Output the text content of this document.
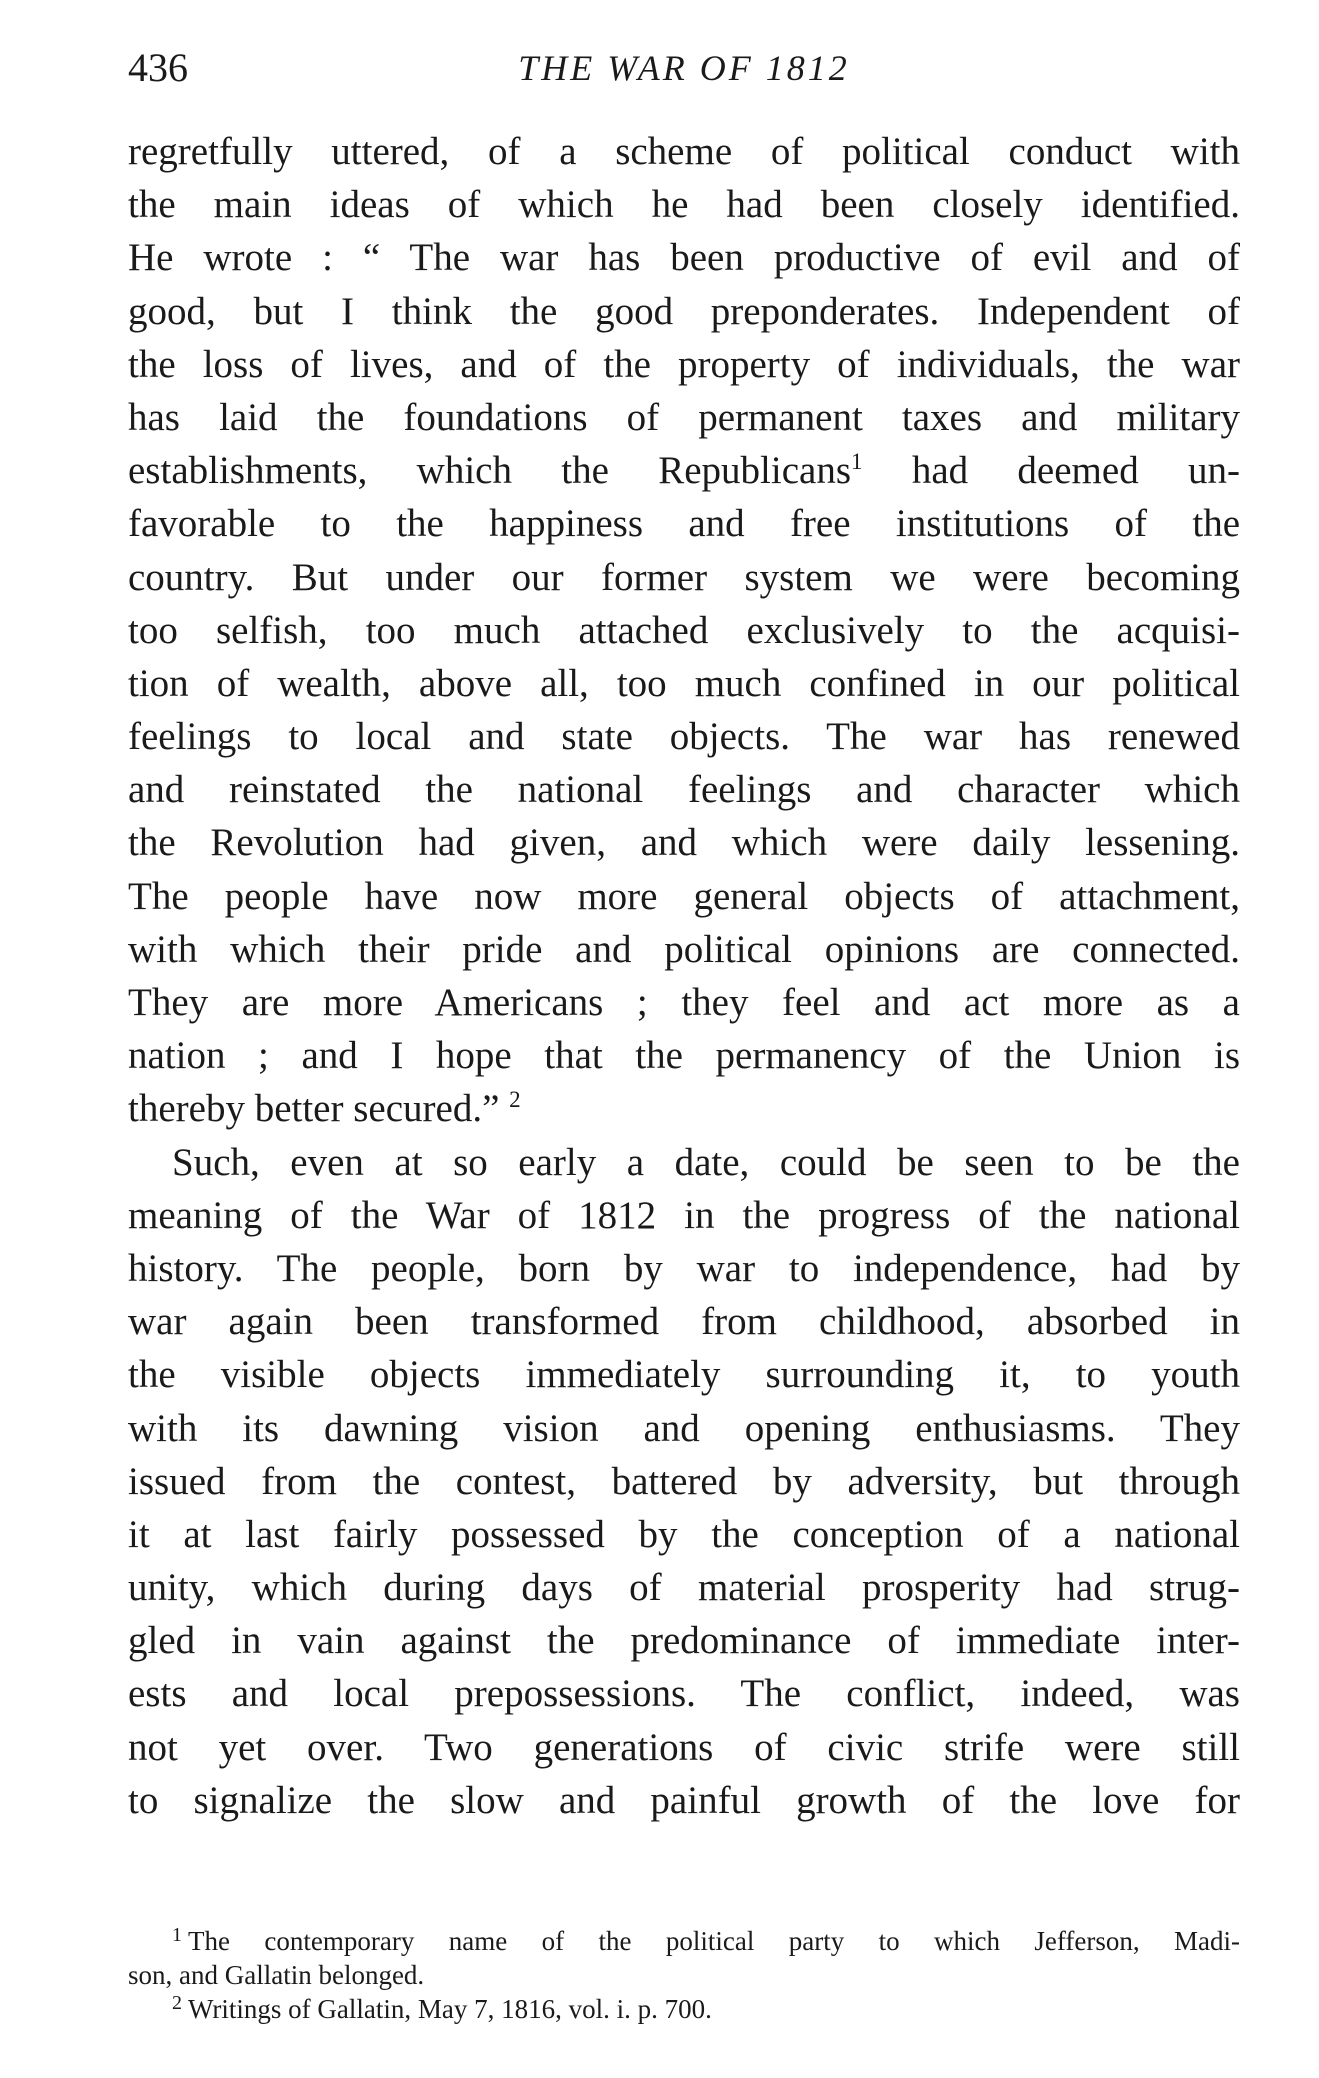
436	THE WAR OF 1812
regretfully uttered, of a scheme of political conduct with
the main ideas of which he had been closely identified.
He wrote : “ The war has been productive of evil and of
good, but I think the good preponderates. Independent of
the loss of lives, and of the property of individuals, the war
has laid the foundations of permanent taxes and military
establishments, which the Republicans$^1$ had deemed un-
favorable to the happiness and free institutions of the
country. But under our former system we were becoming
too selfish, too much attached exclusively to the acquisi-
tion of wealth, above all, too much confined in our political
feelings to local and state objects. The war has renewed
and reinstated the national feelings and character which
the Revolution had given, and which were daily lessening.
The people have now more general objects of attachment,
with which their pride and political opinions are connected.
They are more Americans ; they feel and act more as a
nation ; and I hope that the permanency of the Union is
thereby better secured.” $^2$
Such, even at so early a date, could be seen to be the
meaning of the War of 1812 in the progress of the national
history. The people, born by war to independence, had by
war again been transformed from childhood, absorbed in
the visible objects immediately surrounding it, to youth
with its dawning vision and opening enthusiasms. They
issued from the contest, battered by adversity, but through
it at last fairly possessed by the conception of a national
unity, which during days of material prosperity had strug-
gled in vain against the predominance of immediate inter-
ests and local prepossessions. The conflict, indeed, was
not yet over. Two generations of civic strife were still
to signalize the slow and painful growth of the love for
$^1$ The contemporary name of the political party to which Jefferson, Madi-
son, and Gallatin belonged.
$^2$ Writings of Gallatin, May 7, 1816, vol. i. p. 700.
